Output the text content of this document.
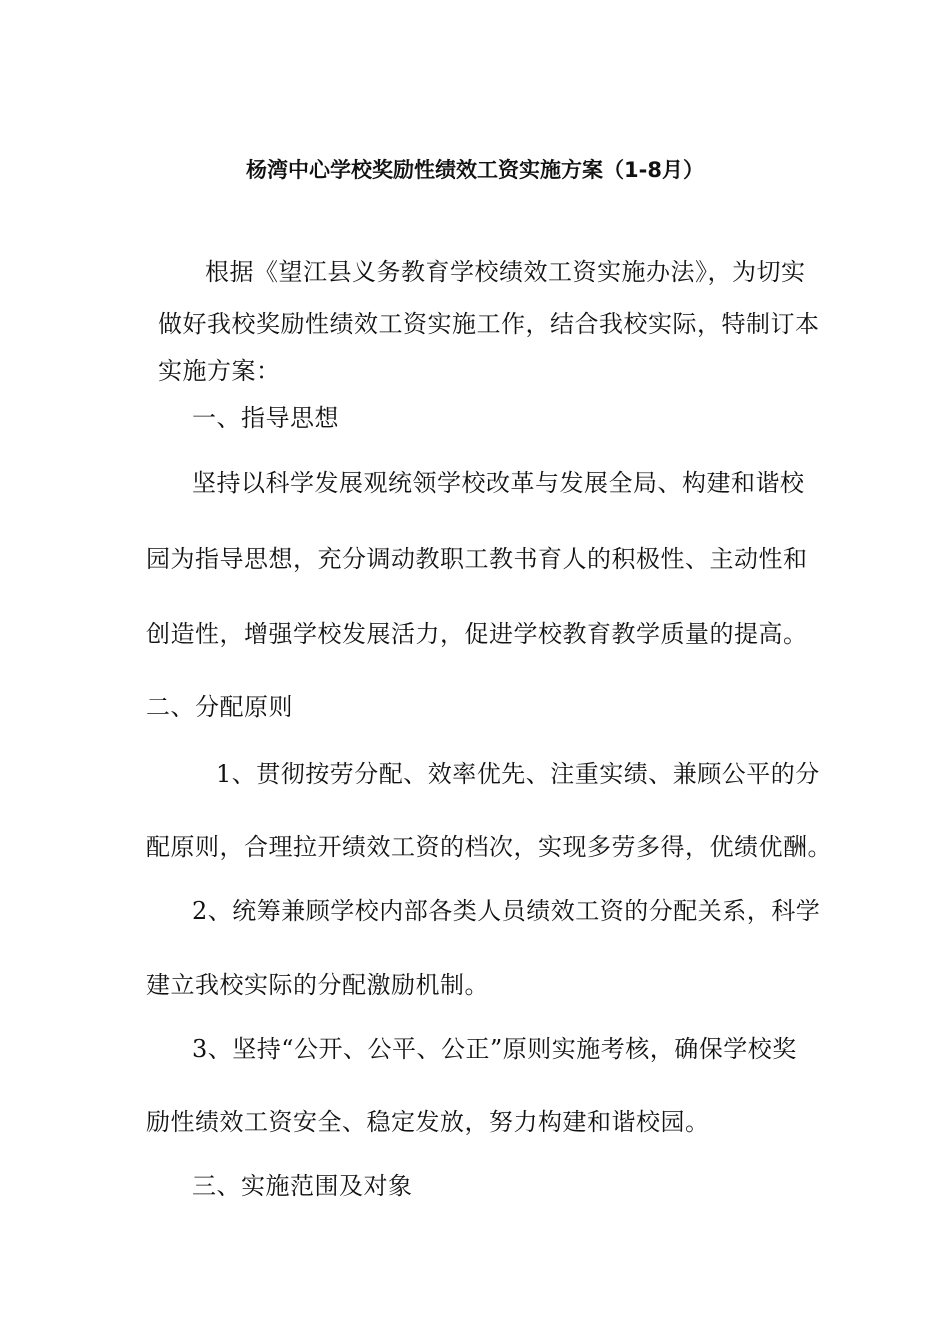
杨湾中心学校奖励性绩效工资实施方案（1-8月）
根据《望江县义务教育学校绩效工资实施办法》，为切实
做好我校奖励性绩效工资实施工作，结合我校实际，特制订本
实施方案：
一、指导思想
坚持以科学发展观统领学校改革与发展全局、构建和谐校
园为指导思想，充分调动教职工教书育人的积极性、主动性和
创造性，增强学校发展活力，促进学校教育教学质量的提高。
二、分配原则
1、贯彻按劳分配、效率优先、注重实绩、兼顾公平的分
配原则，合理拉开绩效工资的档次，实现多劳多得，优绩优酬。
2、统筹兼顾学校内部各类人员绩效工资的分配关系，科学
建立我校实际的分配激励机制。
3、坚持“公开、公平、公正”原则实施考核，确保学校奖
励性绩效工资安全、稳定发放，努力构建和谐校园。
三、实施范围及对象
